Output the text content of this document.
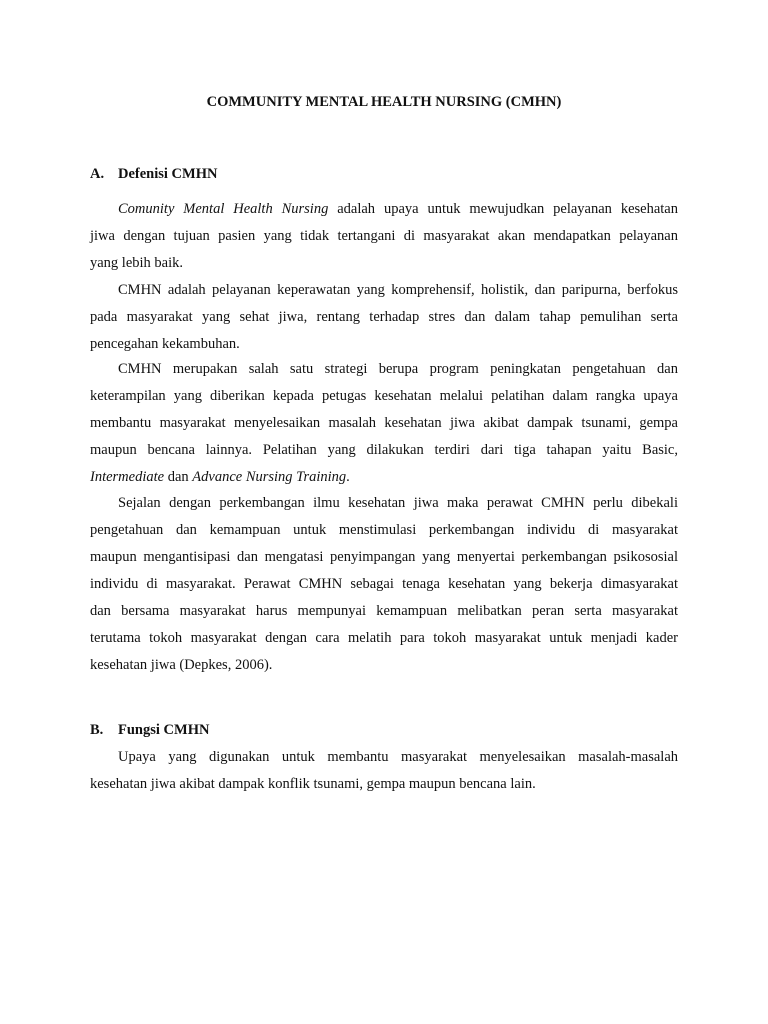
COMMUNITY MENTAL HEALTH NURSING (CMHN)
A. Defenisi CMHN
Comunity Mental Health Nursing adalah upaya untuk mewujudkan pelayanan kesehatan
jiwa dengan tujuan pasien yang tidak tertangani di masyarakat akan mendapatkan pelayanan
yang lebih baik.
CMHN adalah pelayanan keperawatan yang komprehensif, holistik, dan paripurna, berfokus
pada masyarakat yang sehat jiwa, rentang terhadap stres dan dalam tahap pemulihan serta
pencegahan kekambuhan.
CMHN merupakan salah satu strategi berupa program peningkatan pengetahuan dan
keterampilan yang diberikan kepada petugas kesehatan melalui pelatihan dalam rangka upaya
membantu masyarakat menyelesaikan masalah kesehatan jiwa akibat dampak tsunami, gempa
maupun bencana lainnya. Pelatihan yang dilakukan terdiri dari tiga tahapan yaitu Basic,
Intermediate dan Advance Nursing Training.
Sejalan dengan perkembangan ilmu kesehatan jiwa maka perawat CMHN perlu dibekali
pengetahuan dan kemampuan untuk menstimulasi perkembangan individu di masyarakat
maupun mengantisipasi dan mengatasi penyimpangan yang menyertai perkembangan psikososial
individu di masyarakat. Perawat CMHN sebagai tenaga kesehatan yang bekerja dimasyarakat
dan bersama masyarakat harus mempunyai kemampuan melibatkan peran serta masyarakat
terutama tokoh masyarakat dengan cara melatih para tokoh masyarakat untuk menjadi kader
kesehatan jiwa (Depkes, 2006).
B. Fungsi CMHN
Upaya yang digunakan untuk membantu masyarakat menyelesaikan masalah-masalah
kesehatan jiwa akibat dampak konflik tsunami, gempa maupun bencana lain.
